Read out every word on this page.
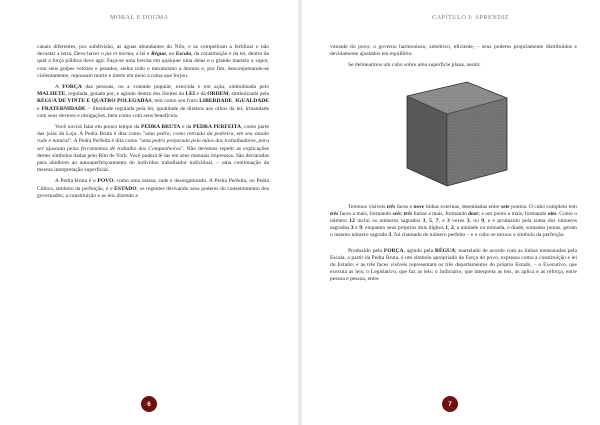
MORAL E DOGMA

canais diferentes, por subdivisão, as águas abundantes do Nilo, e as compeliram a fertilizar e não devastar a terra. Deve haver o jus et norma, a lei e Régua, ou Escala, da constituição e da lei, dentro da qual a força pública deve agir. Faça-se uma brecha em qualquer uma delas e o grande martelo a vapor, com seus golpes velozes e pesados, seduz todo o mecanismo a átomos e, por fim, desconjuntando-se violentamente, repousam morto e inerte em meio à ruína que forjou.

A FORÇA das pessoas, ou a vontade popular, exercida e em ação, simbolizada pelo MALHETE, regulada, guiada por, e agindo dentro dos limites da LEI e da ORDEM, simbolizada pela RÉGUA DE VINTE E QUATRO POLEGADAS, tem como seu fruto LIBERDADE, IGUALDADE e FRATERNIDADE – liberdade regulada pela lei; igualdade de direitos aos olhos da lei; irmandade com seus deveres e obrigações, bem como com seus benefícios.

Você ouvirá falar em pouco tempo da PEDRA BRUTA e da PEDRA PERFEITA, como parte das joias da Loja. A Pedra Bruta é dita como "uma pedra, como retirada da pedreira, em seu estado rude e natural". A Pedra Perfeita é dita como "uma pedra preparada pela mãos dos trabalhadores, para ser ajustada pelas ferramentas de trabalho dos Companheiros". Não devemos repetir as explicações destes símbolos dadas pelo Rito de York. Você poderá lê-las em seus manuais impressos. São declaradas para aludirem ao autoaperfeiçoamento do indivíduo trabalhador individual, – uma continuação da mesma interpretação superficial.

A Pedra Bruta é o POVO, como uma massa, rude e desorganizado. A Pedra Perfeita, ou Pedra Cúbica, símbolo da perfeição, é o ESTADO, os regentes derivando seus poderes do consentimento dos governados; a constituição e as leis dizendo a

6
CAPÍTULO I: APRENDIZ

vontade do povo; o governo harmonioso, simétrico, eficiente, – seus poderes propriamente distribuídos e devidamente ajustados em equilíbrio.

Se delinearmos um cubo sobre uma superfície plana, assim:

Teremos visíveis três faces e nove linhas externas, desenhadas entre sete pontos. O cubo completo tem três faces a mais, formando seis; três linhas a mais, formando doze; e um ponto a mais, formando oito. Como o número 12 inclui os números sagrados 3, 5, 7, e 3 vezes 3, ou 9, e é produzido pela soma dos números sagrados 3 e 9; enquanto seus próprios dois dígitos 1, 2, a unidade ou mônada, e díade, somados juntas, geram o mesmo número sagrado 3, foi chamado de número perfeito – e o cubo se tornou o símbolo da perfeição.

Produzido pela FORÇA, agindo pela RÉGUA; martelado de acordo com as linhas mensuradas pela Escala, a partir da Pedra Bruta, é um símbolo apropriado da Força do povo, expressa como a constituição e lei do Estado; e as três faces visíveis representam os três departamentos do próprio Estado, – o Executivo, que executa as leis; o Legislativo, que faz as leis; o Judiciário, que interpreta as leis, as aplica e as reforça, entre pessoa e pessoa, entre

7
